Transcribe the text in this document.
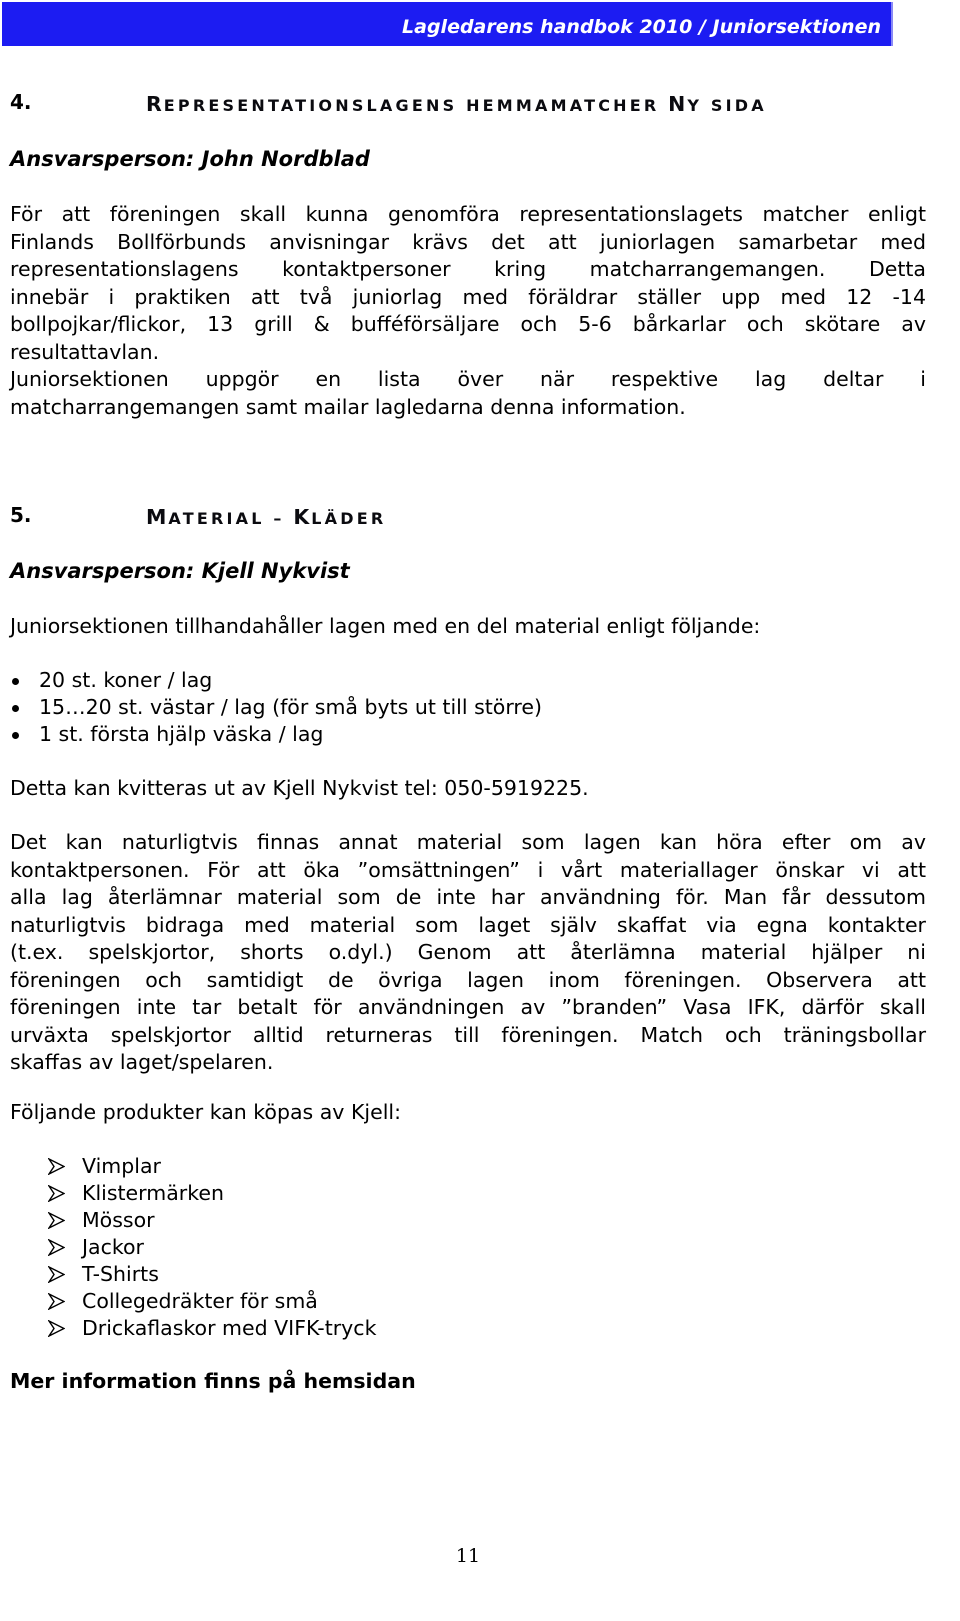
Lagledarens handbok 2010 / Juniorsektionen
4.	REPRESENTATIONSLAGENS HEMMAMATCHER NY SIDA
Ansvarsperson: John Nordblad
För att föreningen skall kunna genomföra representationslagets matcher enligt
Finlands Bollförbunds anvisningar krävs det att juniorlagen samarbetar med
representationslagens kontaktpersoner kring matcharrangemangen. Detta
innebär i praktiken att två juniorlag med föräldrar ställer upp med 12 -14
bollpojkar/flickor, 13 grill & bufféförsäljare och 5-6 bårkarlar och skötare av
resultattavlan.
Juniorsektionen uppgör en lista över när respektive lag deltar i
matcharrangemangen samt mailar lagledarna denna information.
5.	MATERIAL – KLÄDER
Ansvarsperson: Kjell Nykvist
Juniorsektionen tillhandahåller lagen med en del material enligt följande:
20 st. koner / lag
15…20 st. västar / lag (för små byts ut till större)
1 st. första hjälp väska / lag
Detta kan kvitteras ut av Kjell Nykvist tel: 050-5919225.
Det kan naturligtvis finnas annat material som lagen kan höra efter om av
kontaktpersonen. För att öka ”omsättningen” i vårt materiallager önskar vi att
alla lag återlämnar material som de inte har användning för. Man får dessutom
naturligtvis bidraga med material som laget själv skaffat via egna kontakter
(t.ex. spelskjortor, shorts o.dyl.) Genom att återlämna material hjälper ni
föreningen och samtidigt de övriga lagen inom föreningen. Observera att
föreningen inte tar betalt för användningen av ”branden” Vasa IFK, därför skall
urväxta spelskjortor alltid returneras till föreningen. Match och träningsbollar
skaffas av laget/spelaren.
Följande produkter kan köpas av Kjell:
Vimplar
Klistermärken
Mössor
Jackor
T-Shirts
Collegedräkter för små
Drickaflaskor med VIFK-tryck
Mer information finns på hemsidan
11
